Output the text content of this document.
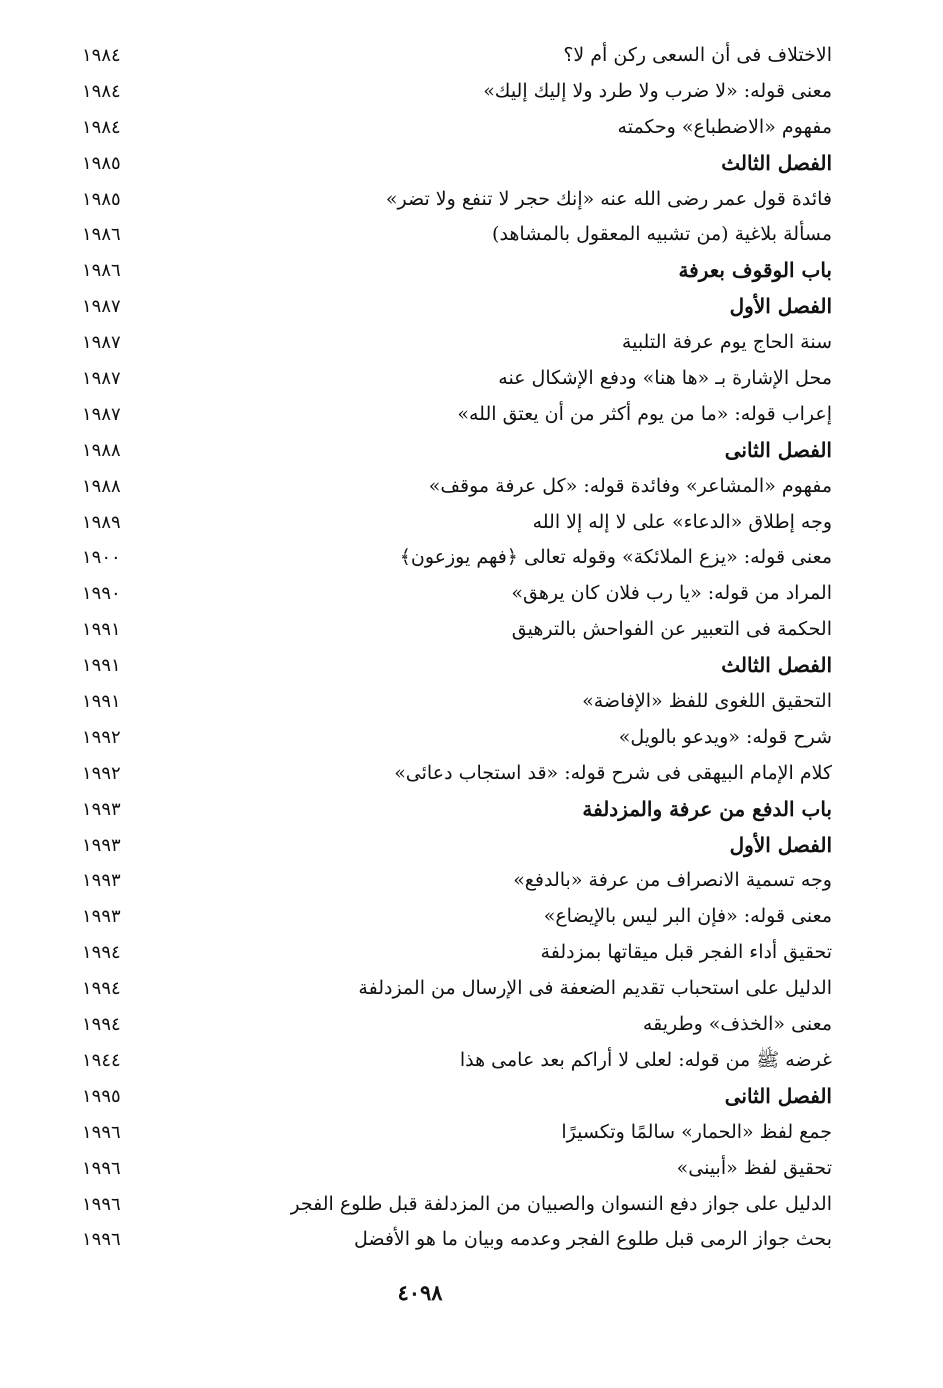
الاختلاف فى أن السعى ركن أم لا؟
١٩٨٤
معنى قوله: «لا ضرب ولا طرد ولا إليك إليك»
١٩٨٤
مفهوم «الاضطباع» وحكمته
١٩٨٤
الفصل الثالث
١٩٨٥
فائدة قول عمر رضى الله عنه «إنك حجر لا تنفع ولا تضر»
١٩٨٥
مسألة بلاغية (من تشبيه المعقول بالمشاهد)
١٩٨٦
باب الوقوف بعرفة
١٩٨٦
الفصل الأول
١٩٨٧
سنة الحاج يوم عرفة التلبية
١٩٨٧
محل الإشارة بـ «ها هنا» ودفع الإشكال عنه
١٩٨٧
إعراب قوله: «ما من يوم أكثر من أن يعتق الله»
١٩٨٧
الفصل الثانى
١٩٨٨
مفهوم «المشاعر» وفائدة قوله: «كل عرفة موقف»
١٩٨٨
وجه إطلاق «الدعاء» على لا إله إلا الله
١٩٨٩
معنى قوله: «يزع الملائكة» وقوله تعالى ﴿فهم يوزعون﴾
١٩٠٠
المراد من قوله: «يا رب فلان كان يرهق»
١٩٩٠
الحكمة فى التعبير عن الفواحش بالترهيق
١٩٩١
الفصل الثالث
١٩٩١
التحقيق اللغوى للفظ «الإفاضة»
١٩٩١
شرح قوله: «ويدعو بالويل»
١٩٩٢
كلام الإمام البيهقى فى شرح قوله: «قد استجاب دعائى»
١٩٩٢
باب الدفع من عرفة والمزدلفة
١٩٩٣
الفصل الأول
١٩٩٣
وجه تسمية الانصراف من عرفة «بالدفع»
١٩٩٣
معنى قوله: «فإن البر ليس بالإيضاع»
١٩٩٣
تحقيق أداء الفجر قبل ميقاتها بمزدلفة
١٩٩٤
الدليل على استحباب تقديم الضعفة فى الإرسال من المزدلفة
١٩٩٤
معنى «الخذف» وطريقه
١٩٩٤
غرضه ﷺ من قوله: لعلى لا أراكم بعد عامى هذا
١٩٤٤
الفصل الثانى
١٩٩٥
جمع لفظ «الحمار» سالمًا وتكسيرًا
١٩٩٦
تحقيق لفظ «أبينى»
١٩٩٦
الدليل على جواز دفع النسوان والصبيان من المزدلفة قبل طلوع الفجر
١٩٩٦
بحث جواز الرمى قبل طلوع الفجر وعدمه وبيان ما هو الأفضل
١٩٩٦
٤٠٩٨
